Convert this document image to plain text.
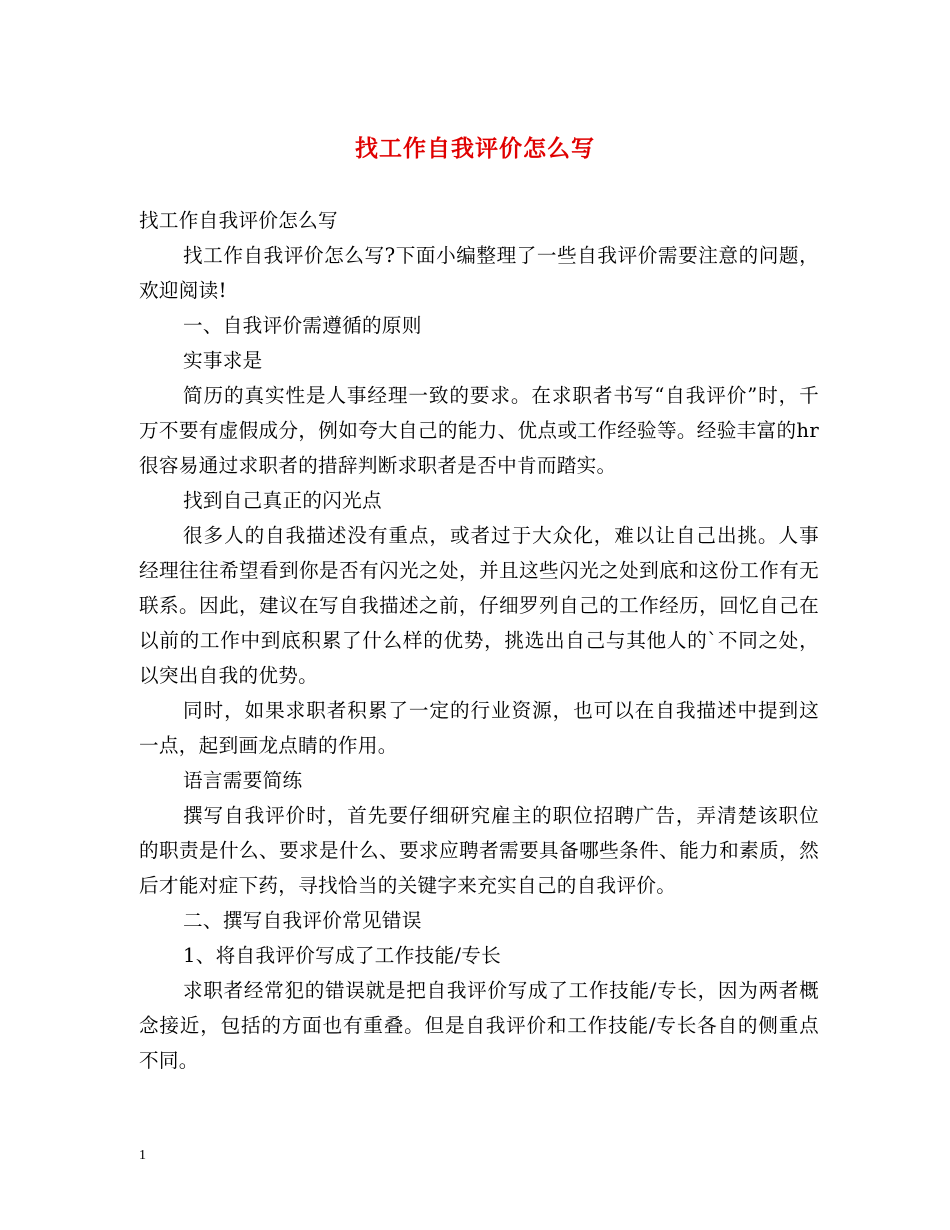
找工作自我评价怎么写

找工作自我评价怎么写

找工作自我评价怎么写?下面小编整理了一些自我评价需要注意的问题，欢迎阅读!

一、自我评价需遵循的原则

实事求是

简历的真实性是人事经理一致的要求。在求职者书写“自我评价”时，千万不要有虚假成分，例如夸大自己的能力、优点或工作经验等。经验丰富的hr很容易通过求职者的措辞判断求职者是否中肯而踏实。

找到自己真正的闪光点

很多人的自我描述没有重点，或者过于大众化，难以让自己出挑。人事经理往往希望看到你是否有闪光之处，并且这些闪光之处到底和这份工作有无联系。因此，建议在写自我描述之前，仔细罗列自己的工作经历，回忆自己在以前的工作中到底积累了什么样的优势，挑选出自己与其他人的`不同之处，以突出自我的优势。

同时，如果求职者积累了一定的行业资源，也可以在自我描述中提到这一点，起到画龙点睛的作用。

语言需要简练

撰写自我评价时，首先要仔细研究雇主的职位招聘广告，弄清楚该职位的职责是什么、要求是什么、要求应聘者需要具备哪些条件、能力和素质，然后才能对症下药，寻找恰当的关键字来充实自己的自我评价。

二、撰写自我评价常见错误

1、将自我评价写成了工作技能/专长

求职者经常犯的错误就是把自我评价写成了工作技能/专长，因为两者概念接近，包括的方面也有重叠。但是自我评价和工作技能/专长各自的侧重点不同。

1
